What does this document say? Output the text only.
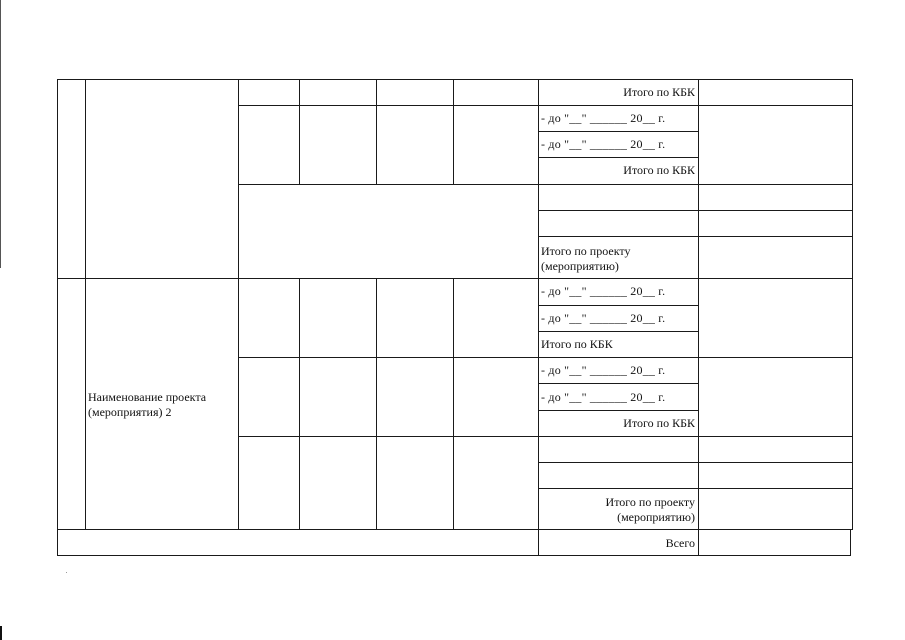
Итого по КБК
- до "__" ______ 20__ г.
- до "__" ______ 20__ г.
Итого по КБК
Итого по проекту (мероприятию)
- до "__" ______ 20__ г.
- до "__" ______ 20__ г.
Итого по КБК
- до "__" ______ 20__ г.
- до "__" ______ 20__ г.
Итого по КБК
Итого по проекту (мероприятию)
Всего
Наименование проекта (мероприятия) 2
